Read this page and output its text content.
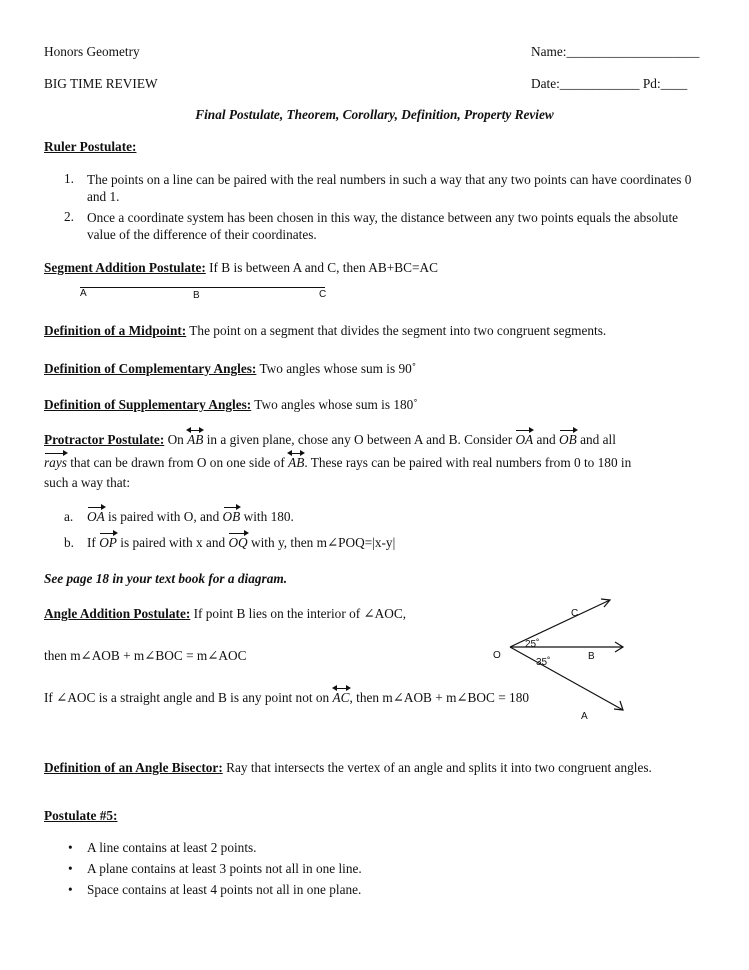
Honors Geometry	Name:____________________
BIG TIME REVIEW	Date:____________ Pd:____
Final Postulate, Theorem, Corollary, Definition, Property Review
Ruler Postulate:
1. The points on a line can be paired with the real numbers in such a way that any two points can have coordinates 0 and 1.
2. Once a coordinate system has been chosen in this way, the distance between any two points equals the absolute value of the difference of their coordinates.
Segment Addition Postulate: If B is between A and C, then AB+BC=AC
A	B	C
Definition of a Midpoint: The point on a segment that divides the segment into two congruent segments.
Definition of Complementary Angles: Two angles whose sum is 90˚
Definition of Supplementary Angles: Two angles whose sum is 180˚
Protractor Postulate: On
AB in a given plane, chose any O between A and B. Consider OA and OB and all
rays that can be drawn from O on one side of
AB. These rays can be paired with real numbers from 0 to 180 in
such a way that:
a. OA is paired with O, and OB with 180.
b. If OP is paired with x and OQ with y, then m∠POQ=|x-y|
See page 18 in your text book for a diagram.
Angle Addition Postulate: If point B lies on the interior of ∠AOC,
then m∠AOB + m∠BOC = m∠AOC
If ∠AOC is a straight angle and B is any point not on
AC, then m∠AOB + m∠BOC = 180
O
C
B
A
25˚
35˚
Definition of an Angle Bisector: Ray that intersects the vertex of an angle and splits it into two congruent angles.
Postulate #5:
• A line contains at least 2 points.
• A plane contains at least 3 points not all in one line.
• Space contains at least 4 points not all in one plane.
